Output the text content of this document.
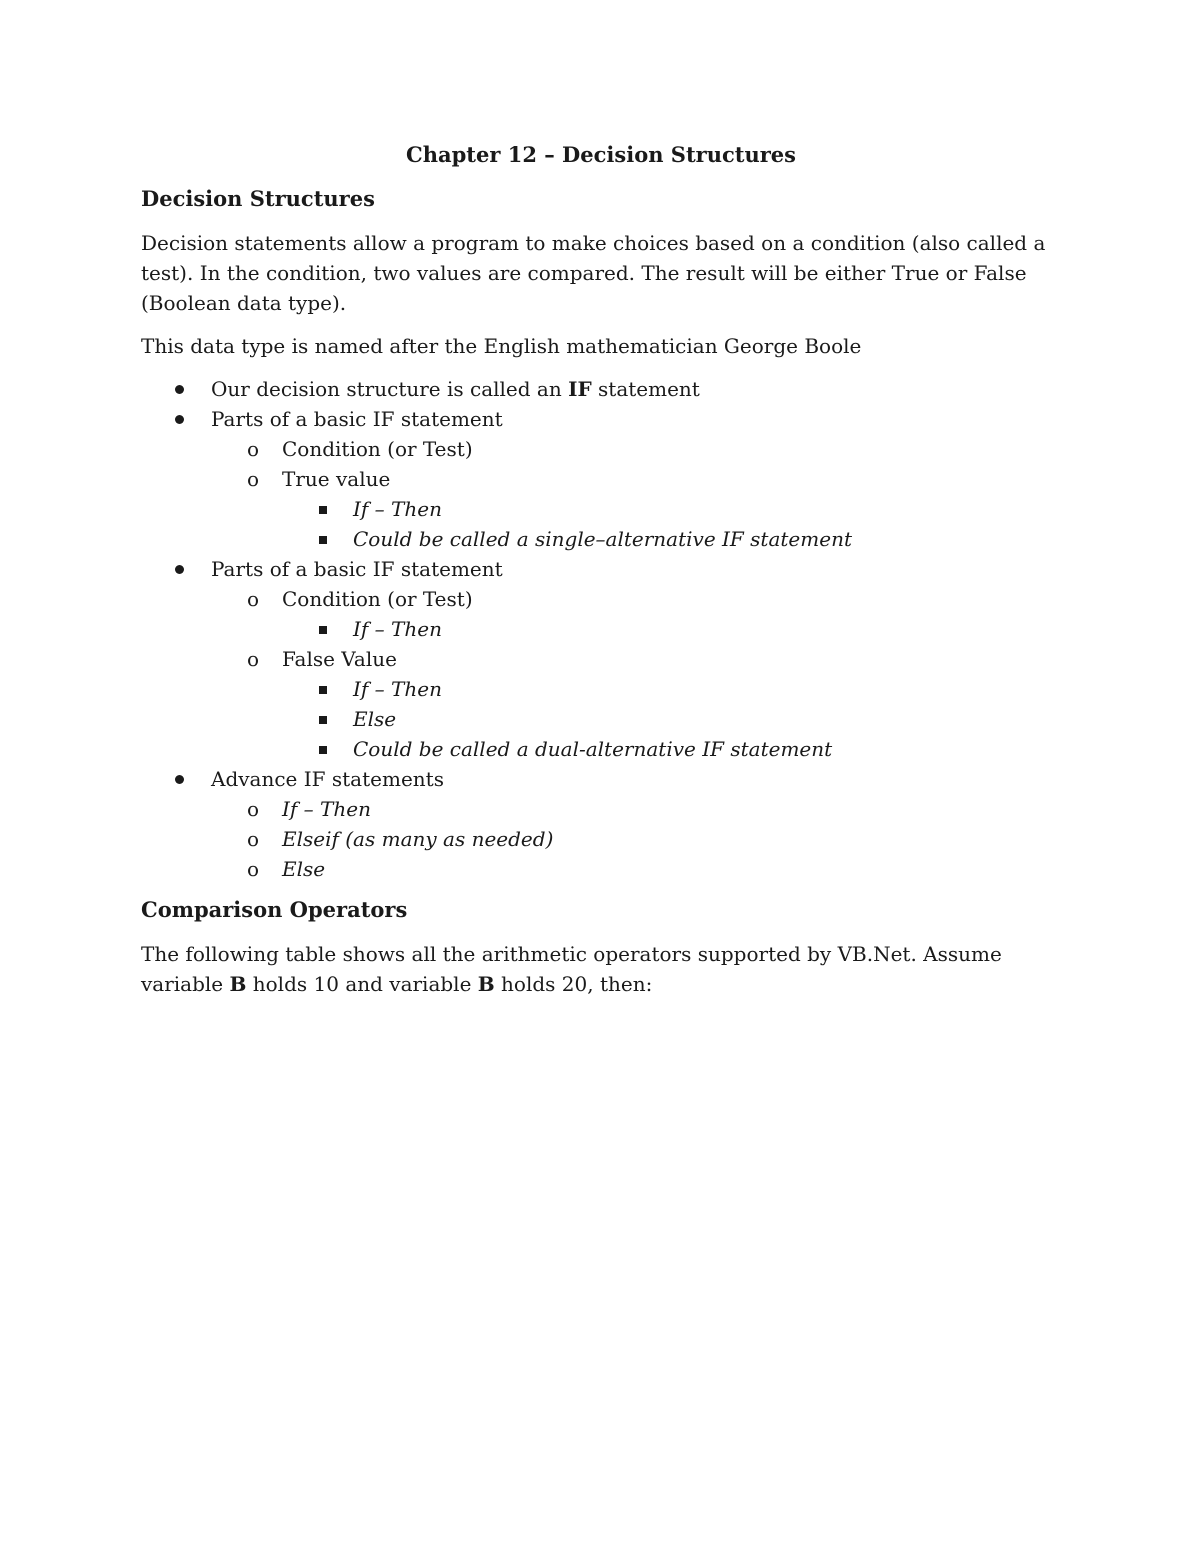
Chapter 12 – Decision Structures
Decision Structures

Decision statements allow a program to make choices based on a condition (also called a test). In the condition, two values are compared. The result will be either True or False (Boolean data type).

This data type is named after the English mathematician George Boole

Our decision structure is called an IF statement
Parts of a basic IF statement
o Condition (or Test)
o True value
If – Then
Could be called a single–alternative IF statement
Parts of a basic IF statement
o Condition (or Test)
If – Then
o False Value
If – Then
Else
Could be called a dual-alternative IF statement
Advance IF statements
o If – Then
o Elseif (as many as needed)
o Else
Comparison Operators

The following table shows all the arithmetic operators supported by VB.Net. Assume variable B holds 10 and variable B holds 20, then:
